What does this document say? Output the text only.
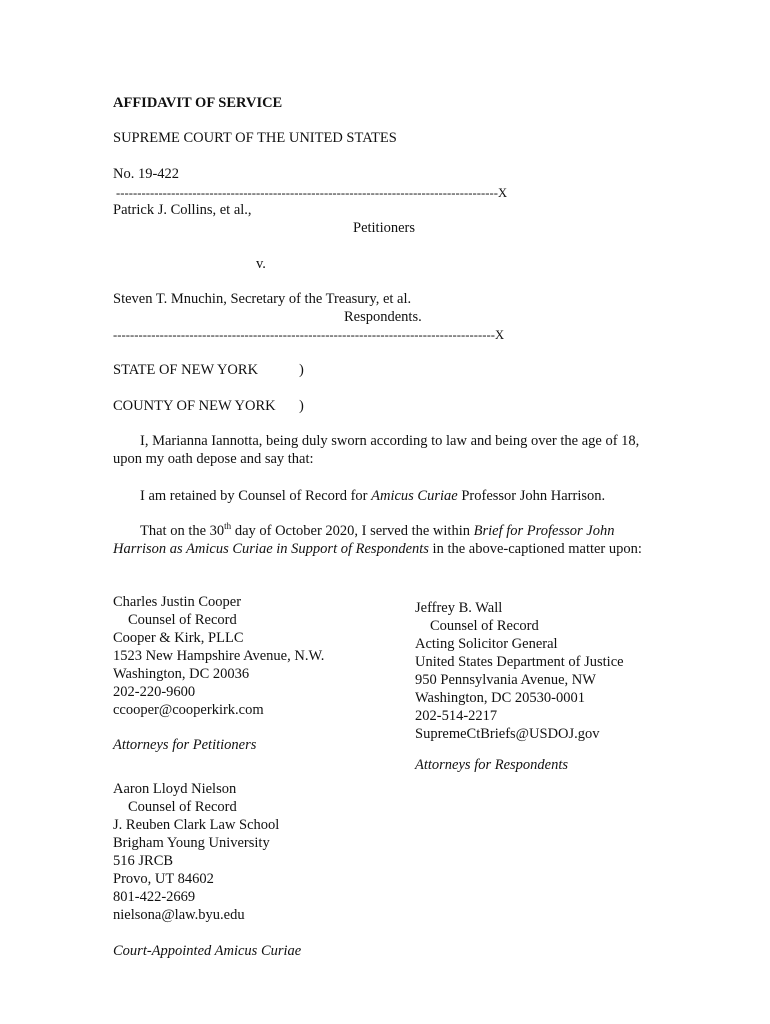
AFFIDAVIT OF SERVICE
SUPREME COURT OF THE UNITED STATES
No. 19-422
------------------------------------------------------------------------------------------X
Patrick J. Collins, et al.,
Petitioners
v.
Steven T. Mnuchin, Secretary of the Treasury, et al.
Respondents.
------------------------------------------------------------------------------------------X
STATE OF NEW YORK	)
COUNTY OF NEW YORK )
I, Marianna Iannotta, being duly sworn according to law and being over the age of 18, upon my oath depose and say that:
I am retained by Counsel of Record for Amicus Curiae Professor John Harrison.
That on the 30th day of October 2020, I served the within Brief for Professor John Harrison as Amicus Curiae in Support of Respondents in the above-captioned matter upon:
Charles Justin Cooper
Counsel of Record
Cooper & Kirk, PLLC
1523 New Hampshire Avenue, N.W.
Washington, DC 20036
202-220-9600
ccooper@cooperkirk.com
Attorneys for Petitioners
Jeffrey B. Wall
Counsel of Record
Acting Solicitor General
United States Department of Justice
950 Pennsylvania Avenue, NW
Washington, DC 20530-0001
202-514-2217
SupremeCtBriefs@USDOJ.gov
Attorneys for Respondents
Aaron Lloyd Nielson
Counsel of Record
J. Reuben Clark Law School
Brigham Young University
516 JRCB
Provo, UT 84602
801-422-2669
nielsona@law.byu.edu
Court-Appointed Amicus Curiae
